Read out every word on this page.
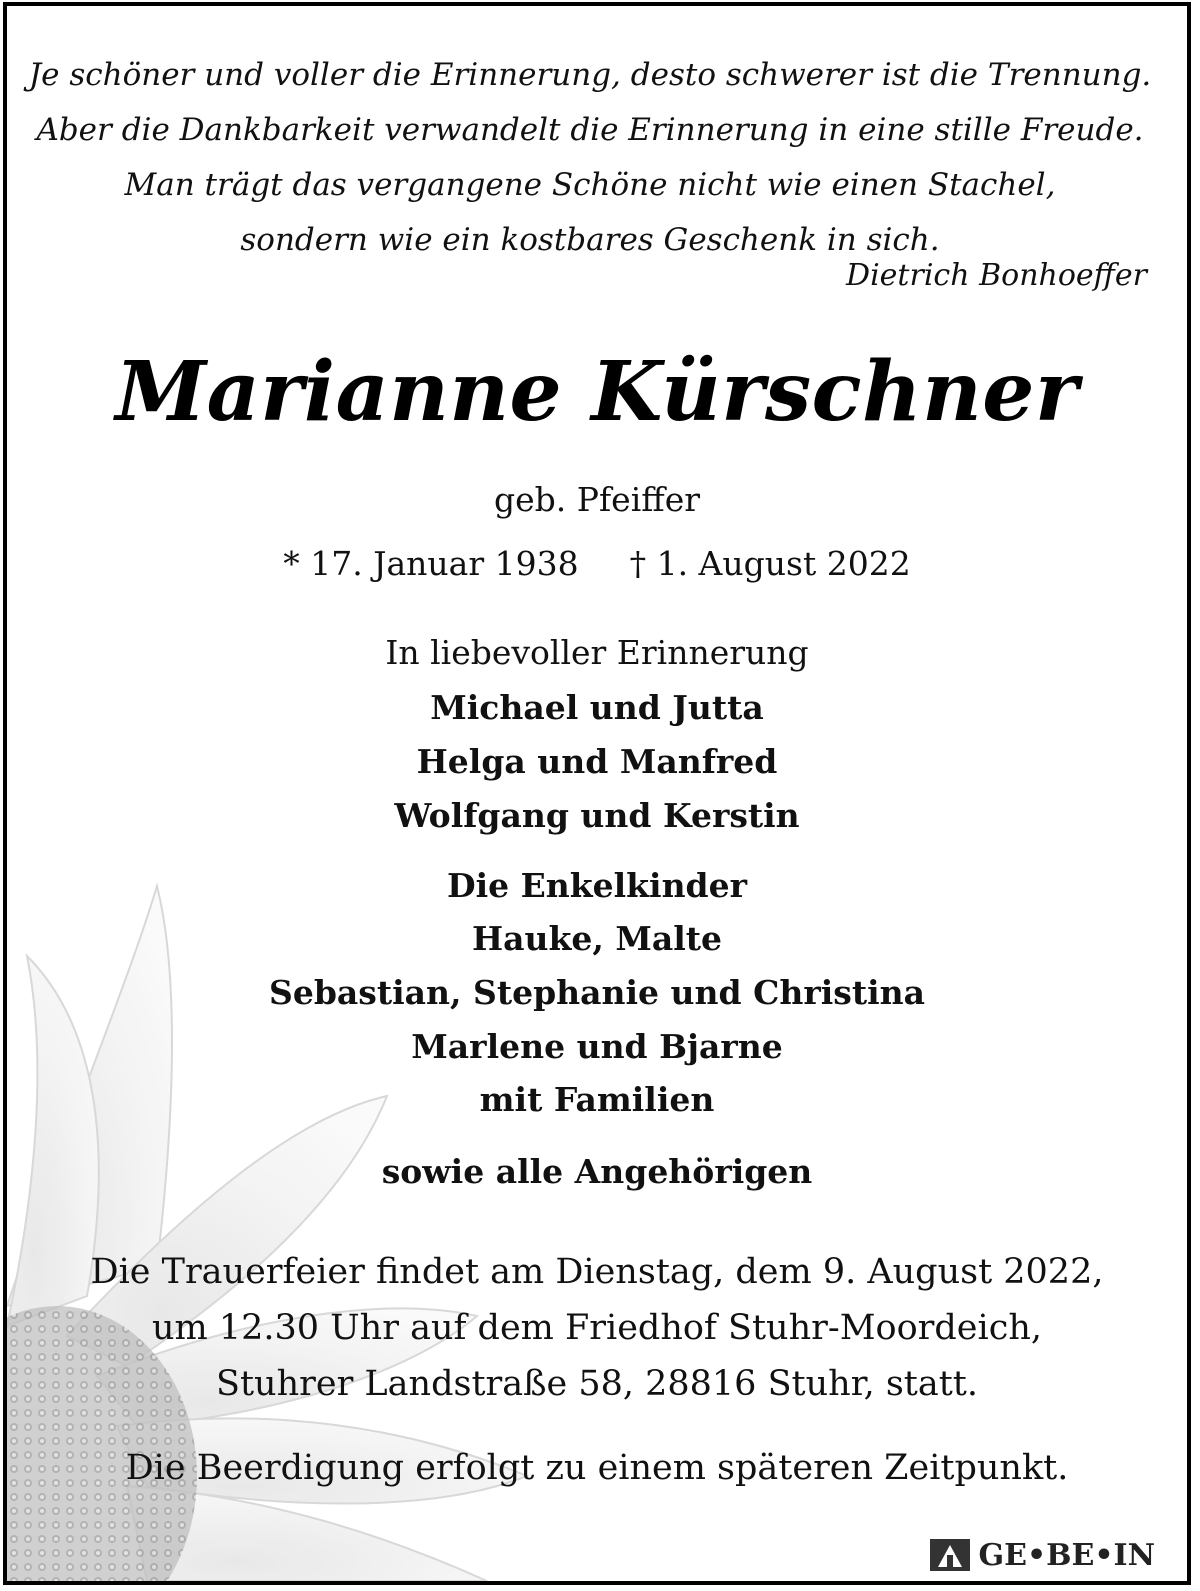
Je schöner und voller die Erinnerung, desto schwerer ist die Trennung.
Aber die Dankbarkeit verwandelt die Erinnerung in eine stille Freude.
Man trägt das vergangene Schöne nicht wie einen Stachel,
sondern wie ein kostbares Geschenk in sich.
Dietrich Bonhoeffer
Marianne Kürschner
geb. Pfeiffer
* 17. Januar 1938 † 1. August 2022
In liebevoller Erinnerung
Michael und Jutta
Helga und Manfred
Wolfgang und Kerstin
Die Enkelkinder
Hauke, Malte
Sebastian, Stephanie und Christina
Marlene und Bjarne
mit Familien
sowie alle Angehörigen
Die Trauerfeier findet am Dienstag, dem 9. August 2022,
um 12.30 Uhr auf dem Friedhof Stuhr-Moordeich,
Stuhrer Landstraße 58, 28816 Stuhr, statt.
Die Beerdigung erfolgt zu einem späteren Zeitpunkt.
GE•BE•IN
